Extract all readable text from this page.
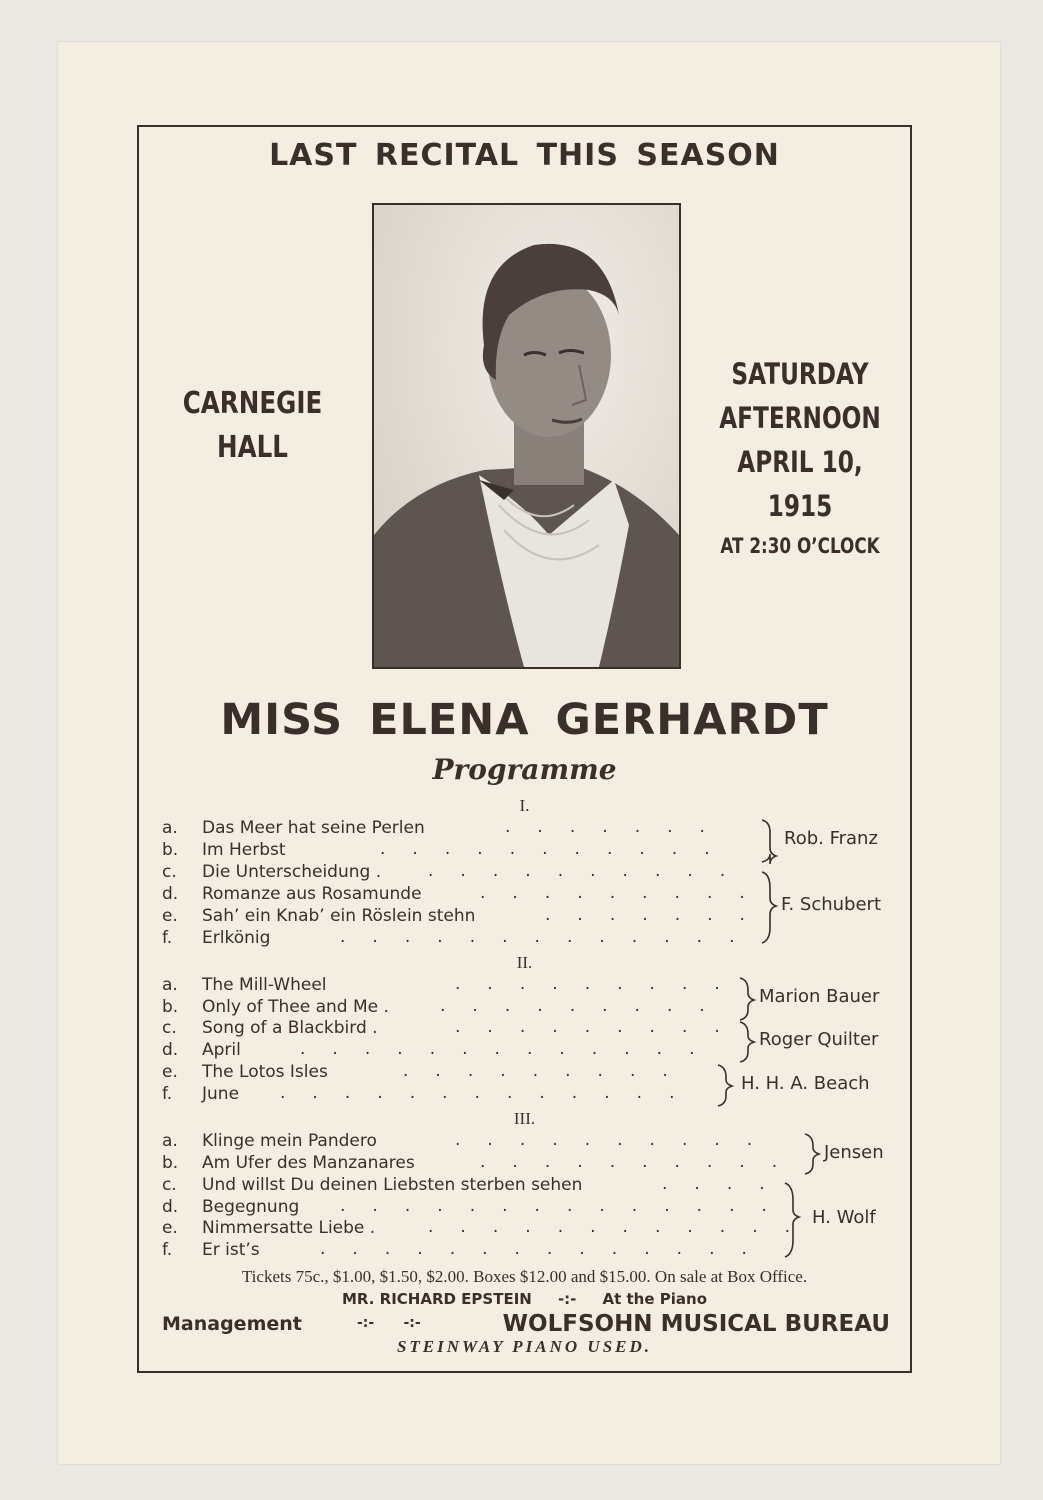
LAST RECITAL THIS SEASON
CARNEGIE
HALL
SATURDAY
AFTERNOON
APRIL 10, 1915
AT 2:30 O’CLOCK
MISS ELENA GERHARDT
Programme
I.
a. Das Meer hat seine Perlen
b. Im Herbst
c. Die Unterscheidung .
d. Romanze aus Rosamunde
e. Sah’ ein Knab’ ein Röslein stehn
f. Erlkönig
II.
a. The Mill-Wheel
b. Only of Thee and Me .
c. Song of a Blackbird .
d. April
e. The Lotos Isles
f. June
III.
a. Klinge mein Pandero
b. Am Ufer des Manzanares
c. Und willst Du deinen Liebsten sterben sehen
d. Begegnung
e. Nimmersatte Liebe .
f. Er ist’s
.     .     .     .     .     .     .
.     .     .     .     .     .     .     .     .     .     .
.     .     .     .     .     .     .     .     .     .
.     .     .     .     .     .     .     .     .
.     .     .     .     .     .     .
.     .     .     .     .     .     .     .     .     .     .     .     .
.     .     .     .     .     .     .     .     .
.     .     .     .     .     .     .     .     .
.     .     .     .     .     .     .     .     .
.     .     .     .     .     .     .     .     .     .     .     .     .
.     .     .     .     .     .     .     .     .
.     .     .     .     .     .     .     .     .     .     .     .     .
.     .     .     .     .     .     .     .     .     .
.     .     .     .     .     .     .     .     .     .
.     .     .     .
.     .     .     .     .     .     .     .     .     .     .     .     .     .
.     .     .     .     .     .     .     .     .     .     .     .
.     .     .     .     .     .     .     .     .     .     .     .     .     .
Rob. Franz
F. Schubert
Marion Bauer
Roger Quilter
H. H. A. Beach
Jensen
H. Wolf
Tickets 75c., $1.00, $1.50, $2.00. Boxes $12.00 and $15.00. On sale at Box Office.
MR. RICHARD EPSTEIN     -:-     At the Piano
Management	-:-      -:-	WOLFSOHN MUSICAL BUREAU
STEINWAY PIANO USED.
